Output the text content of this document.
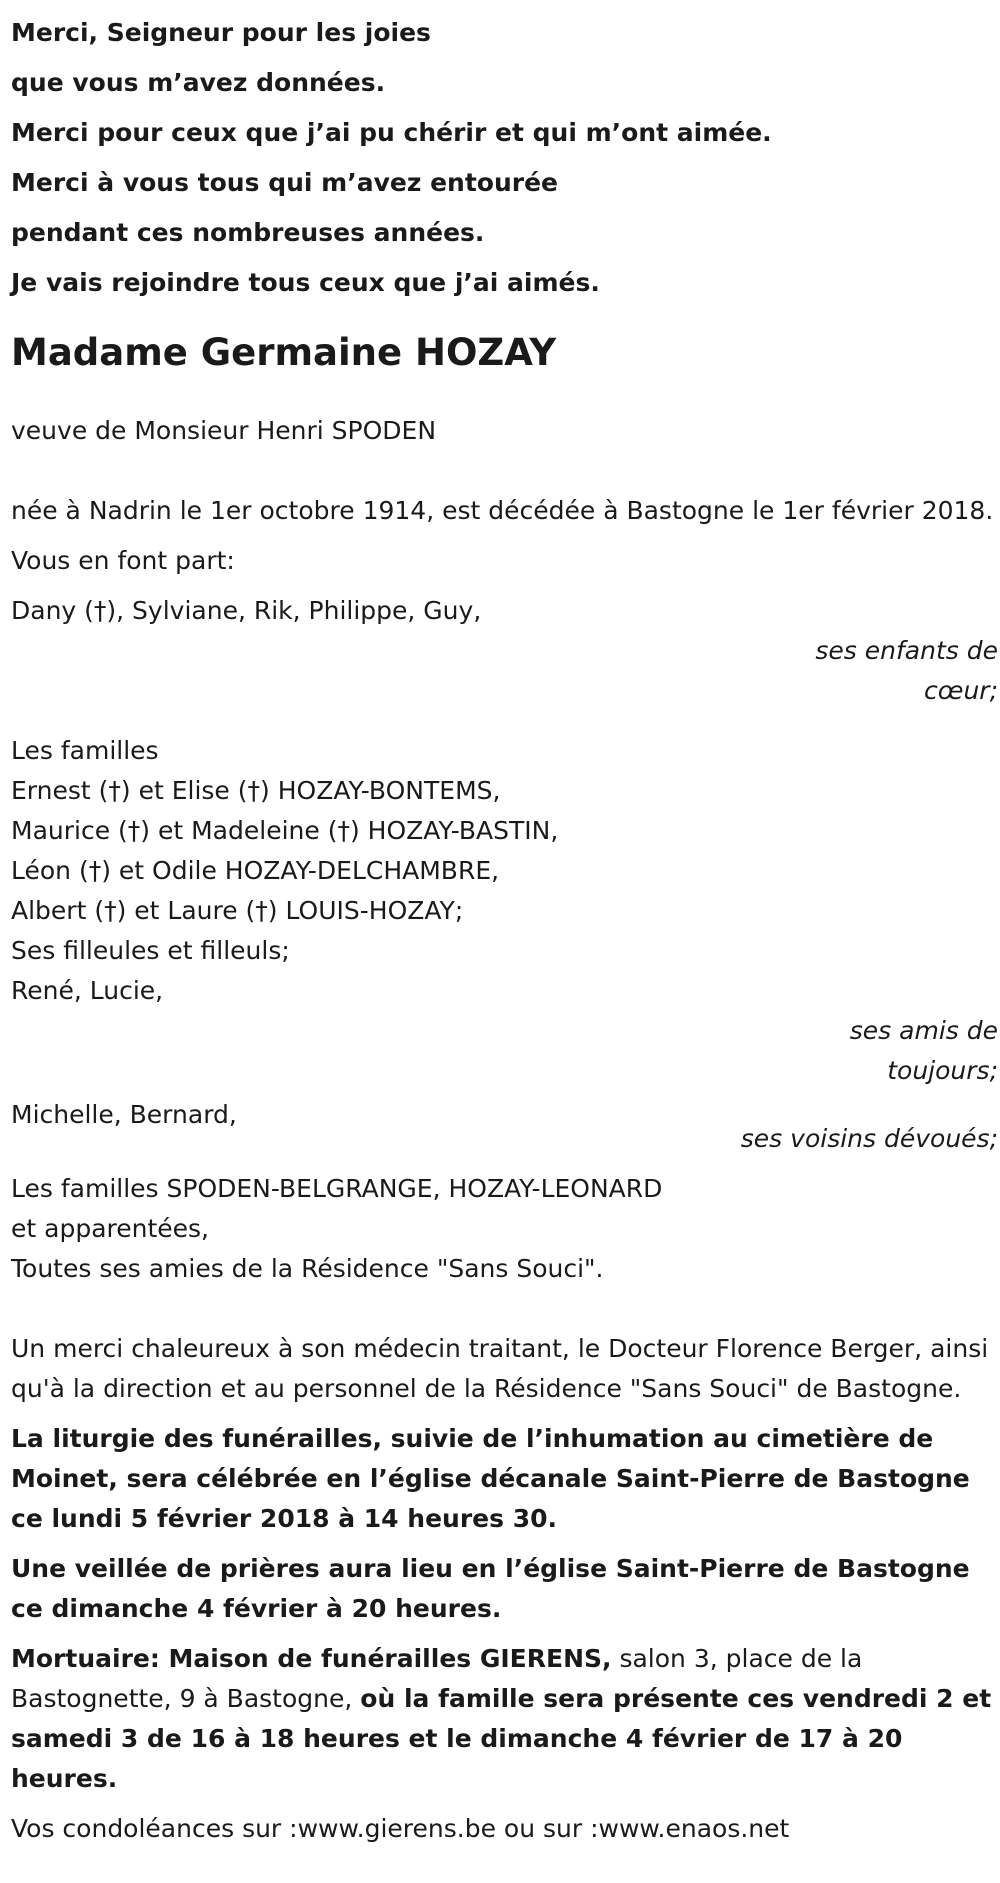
Merci, Seigneur pour les joies
que vous m’avez données.
Merci pour ceux que j’ai pu chérir et qui m’ont aimée.
Merci à vous tous qui m’avez entourée
pendant ces nombreuses années.
Je vais rejoindre tous ceux que j’ai aimés.
Madame Germaine HOZAY
veuve de Monsieur Henri SPODEN
née à Nadrin le 1er octobre 1914, est décédée à Bastogne le 1er février 2018.
Vous en font part:
Dany (†), Sylviane, Rik, Philippe, Guy,
ses enfants de
cœur;
Les familles
Ernest (†) et Elise (†) HOZAY-BONTEMS,
Maurice (†) et Madeleine (†) HOZAY-BASTIN,
Léon (†) et Odile HOZAY-DELCHAMBRE,
Albert (†) et Laure (†) LOUIS-HOZAY;
Ses filleules et filleuls;
René, Lucie,
ses amis de
toujours;
Michelle, Bernard,
ses voisins dévoués;
Les familles SPODEN-BELGRANGE, HOZAY-LEONARD
et apparentées,
Toutes ses amies de la Résidence "Sans Souci".
Un merci chaleureux à son médecin traitant, le Docteur Florence Berger, ainsi qu'à la direction et au personnel de la Résidence "Sans Souci" de Bastogne.
La liturgie des funérailles, suivie de l’inhumation au cimetière de Moinet, sera célébrée en l’église décanale Saint-Pierre de Bastogne ce lundi 5 février 2018 à 14 heures 30.
Une veillée de prières aura lieu en l’église Saint-Pierre de Bastogne ce dimanche 4 février à 20 heures.
Mortuaire: Maison de funérailles GIERENS, salon 3, place de la Bastognette, 9 à Bastogne, où la famille sera présente ces vendredi 2 et samedi 3 de 16 à 18 heures et le dimanche 4 février de 17 à 20 heures.
Vos condoléances sur :www.gierens.be ou sur :www.enaos.net
